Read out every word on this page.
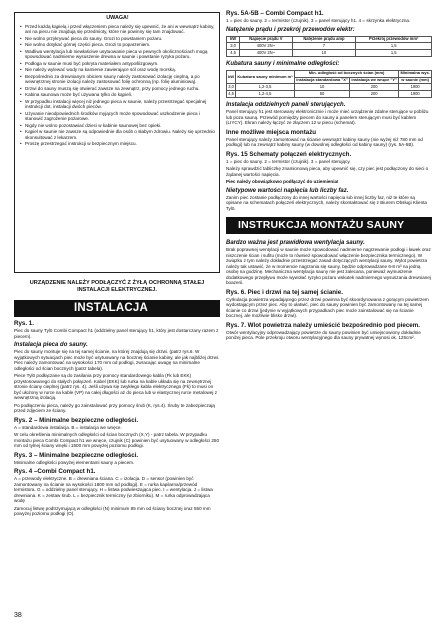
UWAGA!
• Przed każdą kąpielą i przed włączeniem pieca należy się upewnić, że ani w wewnątrz kabiny, ani na piecu nie znajdują się przedmioty, które nie powinny się tam znajdować.
• Nie wolno przykrywać pieca do sauny. Grozi to powstaniem pożaru.
• Nie wolno dotykać górnej części pieca. Grozi to poparzeniem.
• Wadliwa wentylacja lub niewłaściwe usytuowanie pieca w pewnych okolicznościach mogą spowodować nadmierne wysuszenie drewna w saunie i powstanie ryzyka pożaru.
• Podłoga w saunie musi być pokryta materiałem antypoślizgowym.
• Nie należy wylewać wody na kamienie zawierające sól oraz wodę morską.
• Bezpośrednio za drewnianym obiciem sauny należy zastosować izolację cieplną, a po wewnętrznej stronie izolacji należy zastosować folię ochronną (np. folię aluminiową).
• Drzwi do sauny muszą się otwierać zawsze na zewnątrz, przy pomocy jednego ruchu.
• Kabina saunowa może być używana tylko do kąpieli.
• W przypadku instalacji więcej niż jednego pieca w saunie, należy przestrzegać specjalnej instrukcji dot. instalacji dwóch pieców.
• Użyvanie nieodpowiednich środków myjących może spowodować uszkodzenie pieca i stanowić zagrożenie pożarowe.
• Nigdy nie wolno pozostawiać dzieci w kabinie saunowej bez opieki.
• Kąpiel w saunie nie zawsze są odpowiednie dla osób o słabym zdrowiu. Należy się uprzednio skonsultować z lekarzem.
• Proszę przestrzegać instrukcji w bezpiecznym miejscu.
URZĄDZENIE NALEŻY PODŁĄCZYĆ Z ŻYŁĄ OCHRONNĄ STAŁEJ INSTALACJI ELEKTRYCZNEJ.
INSTALACJA
Rys. 1.

Piec do sauny Tylö Combi Compact h1 (oddzielny panel sterujący h1, który jest dostarczany razem z piecem).

Instalacja pieca do sauny.

Piec do sauny montuje się na tej samej ścianie, na której znajdują się drzwi. (patrz rys.6. W wyjątkowych sytuacjach piec może być usytuowany na bocznej ścianie kabiny, ale jak najbliżej drzwi. Piec należy zamontować na wysokości 170 mm od podłogi, zwracając uwagę na minimalne odległości od ścian bocznych (patrz tabela).

Piece Tylö podłączane są do zasilania przy pomocy standardowego kabla (Fk lub EKK) przystosowanego do stałych połączeń. Kabel (EKK) lub rurka na kable układa się na zewnętrznej stronie ściany cieplnej (patrz rys. 4). Jeśli używa się zwykłego kabla elektrycznego (Fk) to musi on być ułożony w rurce na kable (VP) na całej długości aż do pieca lub w elastycznej rurce metalowej z wewnętrzną izolacją.

Po podłączeniu pieca, należy go zainstalować przy pomocy śrub (K, rys.4). Śruby te zabezpieczają przed zdjęciem ze ściany.

Rys. 2 – Minimalne bezpieczne odległości.

A = standardowa instalacja. B = instalacja we wnęce.

W celu określenia minimalnych odległości od ścian bocznych (X,Y) - patrz tabela. W przypadku montażu pieca Combi Compact h1 we wnęce, czujnik (C) powinien być usytuowany w odległości 250 mm od tylnej ściany wnęki i 1500 mm powyżej poziomu podłogi.

Rys. 3 – Minimalne bezpieczne odległości.

Minimalne odległości powyżej elementami sauny a piecem.

Rys. 4 –Combi Compact h1.

A = przewody elektryczne. B = drewniana ściana. C = izolacja. D = sensor (powinien być zamontowany na ścianie na wysokości 1800 mm od podłogi). E = rurka kapilarna/przewód termistora. G = oddzielny panel sterujący. H = listwa podwieszająca piec. I = wentylacja. J = listwa drewniana. K = zestaw śrub. L = bezpiecznik termiczny (w zbiorniku). M = rurka odprowadzająca wodę

Zamocuj listwę podtrzymującą w odległości (N) minimum 85 mm od ściany bocznej oraz 550 mm powyżej poziomu podłogi (O).

Rys. 5A-5B – Combi Compact h1.

1 = piec do sauny. 2 = termistor (czujnik). 3 = panel sterujący h1. 4 = skrzynka elektryczna.

Natężenie prądu i przekrój przewodów elektr:
kW	Napięcie prądu V	Natężenie prądu amp	Przekrój przewodów mm²
3,0	400V 2N~	7	1,5
4,5	400V 2N~	10	1,5
Kubatura sauny i minimalne odległości:
kW	Kubatura sauny minimum m³	Min. odległość od bocznych ścian (mm)		Minimalna wys.
		instalacja standardowa "X"	instalacja we wnęce "Y"	w saunie (mm)
3,0	1,2-3,5	10	200	1900
4,5	1,2-4,5	50	200	1900
Instalacja oddzielnych paneli sterujących.

Panel sterujący h1 jest sterowany elektronicznie i może mieć urządzenie zdalne sterujące w pobliżu lub poza sauną. Przewód pomiędzy piecem do sauny a panelem sterującym musi być kablem (LIYCY). Ekran należy łączyć ze złączem 12 w piecu (schemat).

Inne możliwe miejsca montażu

Panel sterujący należy zamontować na ścianie wewnątrz kabiny sauny (nie wyżej niż 780 mm od podłogi) lub na zewnątrz kabiny sauny (w dowolnej odległości od kabiny sauny) (rys. 5A-5B).

Rys. 15 Schematy połączeń elektrycznych.

1 = piec do sauny. 2 = termistor (czujnik). 3 = panel sterujący.

Należy sprawdzić tabliczkę znamionową pieca, aby upewnić się, czy piec jest podłączony do sieci o żądanej wartości napięcia.

Piec należy obowiązkowo podłączyć do uziemienia!

Nietypowe wartości napięcia lub liczby faz.

Zanim piec zostanie podłączony do innej wartości napięcia lub innej liczby faz, niż te które są opisane na schematach połączeń elektrycznych, należy skontaktować się z Biurem Obsługi Klienta Tylö.

INSTRUKCJA MONTAŻU SAUNY
Bardzo ważna jest prawidłowa wentylacja sauny.

Brak poprawnej wentylacji w saunie może spowodować nadmierne nagrzewanie podłogi i ławek oraz niszczenie ścian i sufitu (może to również spowodować włączenie bezpiecznika termicznego). W związku z tym należy dokładnie przestrzegać zasad dotyczących wentylacji sauny. Wylot powietrza należy tak ustawić, że w momencie nagrzania się sauny, będzie odprowadzane 6-8 m³ na jedną osobę na godzinę. Mechaniczna wentylacja sauny nie jest zalecana, ponieważ wymuszenie dodatkowego przepływu może wywołać ryzyko pożaru wskutek nadmiernego wysuszania drewnianej boazerii.

Rys. 6. Piec i drzwi na tej samej ścianie.

Cyrkulacja powietrza wpadającego przez drzwi powinna być skoordynowana z gorącym powietrzem wydostającym przez piec. Aby to ułatwić, piec do sauny powinien być zamontowany na tej samej ścianie co drzwi (jedynie w wyjątkowych przypadkach piec może zainstalować się na ścianie bocznej, ale możliwie blisko drzwi).

Rys. 7. Wlot powietrza należy umieścić bezpośrednio pod piecem.

Otwór wentylacyjny odprowadzający powietrze do sauny powinien być umiejscowiony dokładnie poniżej pieca. Pole przekroju otworu wentylacyjnego dla sauny prywatnej wynosi ok. 125cm².

38
